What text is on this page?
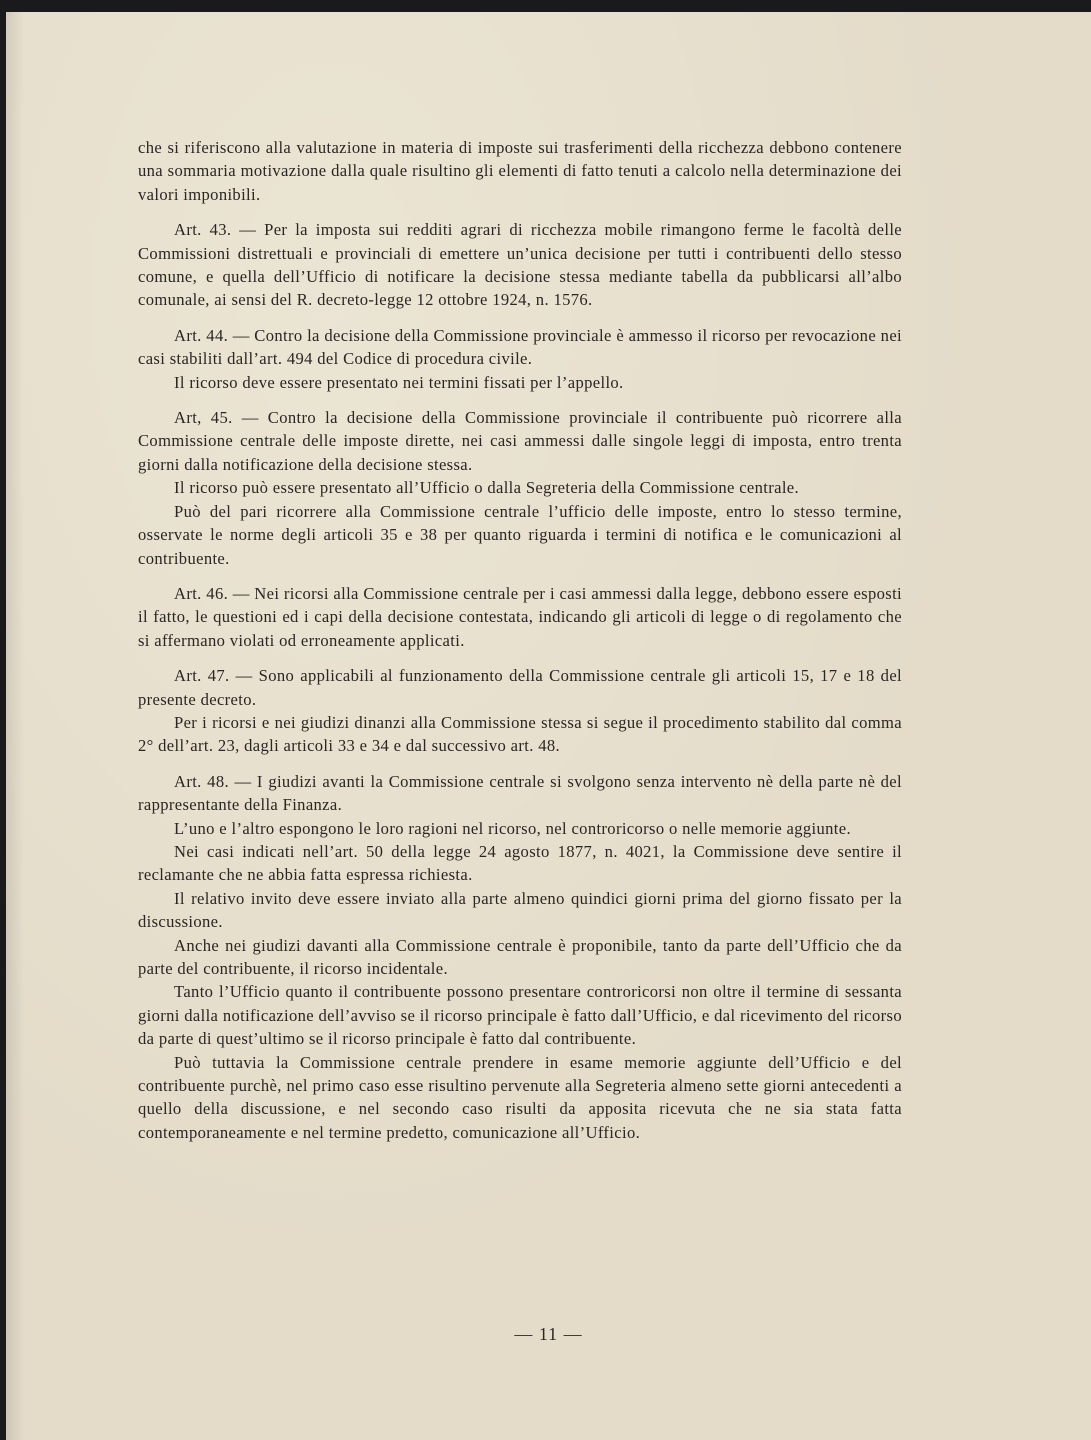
che si riferiscono alla valutazione in materia di imposte sui trasferimenti della ricchezza debbono contenere una sommaria motivazione dalla quale risultino gli elementi di fatto tenuti a calcolo nella determinazione dei valori imponibili.

Art. 43. — Per la imposta sui redditi agrari di ricchezza mobile rimangono ferme le facoltà delle Commissioni distrettuali e provinciali di emettere un’unica decisione per tutti i contribuenti dello stesso comune, e quella dell’Ufficio di notificare la decisione stessa mediante tabella da pubblicarsi all’albo comunale, ai sensi del R. decreto-legge 12 ottobre 1924, n. 1576.

Art. 44. — Contro la decisione della Commissione provinciale è ammesso il ricorso per revocazione nei casi stabiliti dall’art. 494 del Codice di procedura civile.

Il ricorso deve essere presentato nei termini fissati per l’appello.

Art, 45. — Contro la decisione della Commissione provinciale il contribuente può ricorrere alla Commissione centrale delle imposte dirette, nei casi ammessi dalle singole leggi di imposta, entro trenta giorni dalla notificazione della decisione stessa.

Il ricorso può essere presentato all’Ufficio o dalla Segreteria della Commissione centrale.

Può del pari ricorrere alla Commissione centrale l’ufficio delle imposte, entro lo stesso termine, osservate le norme degli articoli 35 e 38 per quanto riguarda i termini di notifica e le comunicazioni al contribuente.

Art. 46. — Nei ricorsi alla Commissione centrale per i casi ammessi dalla legge, debbono essere esposti il fatto, le questioni ed i capi della decisione contestata, indicando gli articoli di legge o di regolamento che si affermano violati od erroneamente applicati.

Art. 47. — Sono applicabili al funzionamento della Commissione centrale gli articoli 15, 17 e 18 del presente decreto.

Per i ricorsi e nei giudizi dinanzi alla Commissione stessa si segue il procedimento stabilito dal comma 2° dell’art. 23, dagli articoli 33 e 34 e dal successivo art. 48.

Art. 48. — I giudizi avanti la Commissione centrale si svolgono senza intervento nè della parte nè del rappresentante della Finanza.

L’uno e l’altro espongono le loro ragioni nel ricorso, nel controricorso o nelle memorie aggiunte.

Nei casi indicati nell’art. 50 della legge 24 agosto 1877, n. 4021, la Commissione deve sentire il reclamante che ne abbia fatta espressa richiesta.

Il relativo invito deve essere inviato alla parte almeno quindici giorni prima del giorno fissato per la discussione.

Anche nei giudizi davanti alla Commissione centrale è proponibile, tanto da parte dell’Ufficio che da parte del contribuente, il ricorso incidentale.

Tanto l’Ufficio quanto il contribuente possono presentare controricorsi non oltre il termine di sessanta giorni dalla notificazione dell’avviso se il ricorso principale è fatto dall’Ufficio, e dal ricevimento del ricorso da parte di quest’ultimo se il ricorso principale è fatto dal contribuente.

Può tuttavia la Commissione centrale prendere in esame memorie aggiunte dell’Ufficio e del contribuente purchè, nel primo caso esse risultino pervenute alla Segreteria almeno sette giorni antecedenti a quello della discussione, e nel secondo caso risulti da apposita ricevuta che ne sia stata fatta contemporaneamente e nel termine predetto, comunicazione all’Ufficio.

— 11 —
